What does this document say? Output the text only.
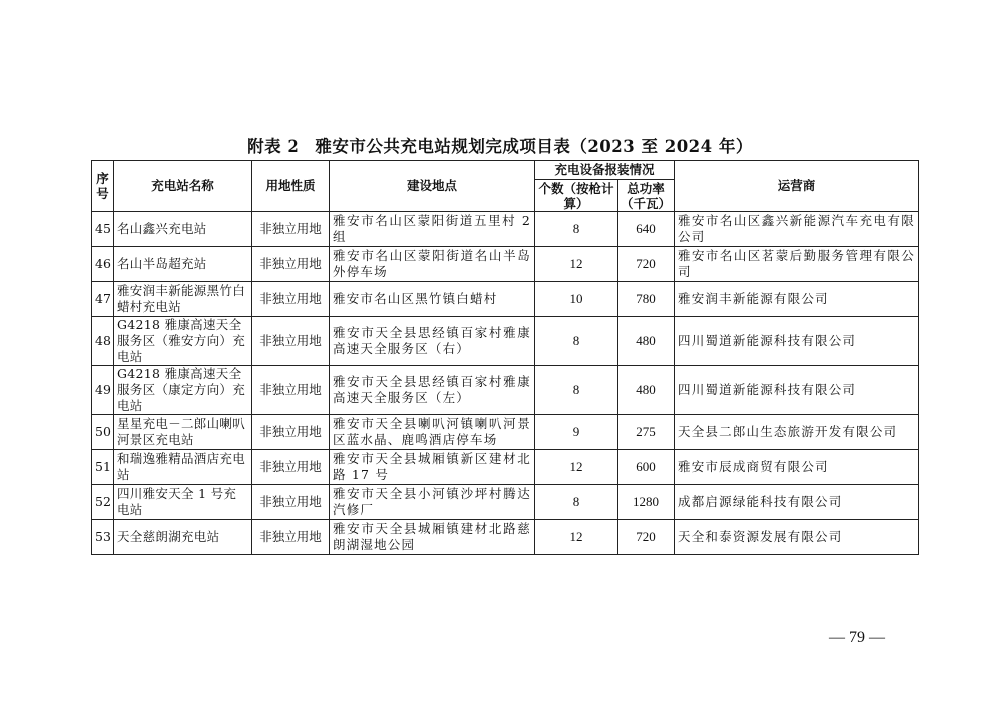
附表 2 雅安市公共充电站规划完成项目表（2023 至 2024 年）
序号	充电站名称	用地性质	建设地点	充电设备报装情况		运营商
				个数（按枪计算）	总功率（千瓦）	
45	名山鑫兴充电站	非独立用地	雅安市名山区蒙阳街道五里村 2 组	8	640	雅安市名山区鑫兴新能源汽车充电有限公司
46	名山半岛超充站	非独立用地	雅安市名山区蒙阳街道名山半岛外停车场	12	720	雅安市名山区茗蒙后勤服务管理有限公司
47	雅安润丰新能源黑竹白蜡村充电站	非独立用地	雅安市名山区黑竹镇白蜡村	10	780	雅安润丰新能源有限公司
48	G4218 雅康高速天全服务区（雅安方向）充电站	非独立用地	雅安市天全县思经镇百家村雅康高速天全服务区（右）	8	480	四川蜀道新能源科技有限公司
49	G4218 雅康高速天全服务区（康定方向）充电站	非独立用地	雅安市天全县思经镇百家村雅康高速天全服务区（左）	8	480	四川蜀道新能源科技有限公司
50	星星充电－二郎山喇叭河景区充电站	非独立用地	雅安市天全县喇叭河镇喇叭河景区蓝水晶、鹿鸣酒店停车场	9	275	天全县二郎山生态旅游开发有限公司
51	和瑞逸雅精品酒店充电站	非独立用地	雅安市天全县城厢镇新区建材北路 17 号	12	600	雅安市辰成商贸有限公司
52	四川雅安天全 1 号充电站	非独立用地	雅安市天全县小河镇沙坪村腾达汽修厂	8	1280	成都启源绿能科技有限公司
53	天全慈朗湖充电站	非独立用地	雅安市天全县城厢镇建材北路慈朗湖湿地公园	12	720	天全和泰资源发展有限公司
— 79 —
